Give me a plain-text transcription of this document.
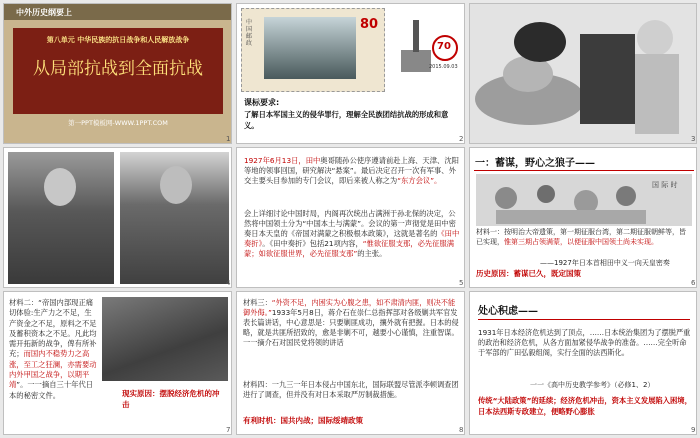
中外历史纲要上
第八单元 中华民族的抗日战争和人民解放战争
从局部抗战到全面抗战
第一PPT模板网-WWW.1PPT.COM
1
中国邮政
80
70
2015.09.03
课标要求:
了解日本军国主义的侵华罪行，理解全民族团结抗战的形成和意义。
2	3
4

1927年6月13日，田中奥哥随孙公使序遵请前赴上海、天津、沈阳等地的领事回国，研究解决“悬案”。最后决定召开一次有军事、外交主要头目参加的专门会议，即后来被人称之为“东方会议”。

会上详细讨论中国时局，内阁再次统出占满洲于孙北保的决定，公然将中国领土分为“中国本土与满蒙”。会议的第一声彻觉是田中密奏日本天皇的《帝国对满蒙之积极根本政策》，这就是著名的《田中奏折》。《田中奏折》包括21项内容，“惟欲征服支那，必先征服满蒙；如欲征服世界，必先征服支那”的主张。

5
一：蓄谋，野心之狼子——
国 际 时

材料一：按明治大帝遗策，第一期征服台湾，第二期征服朝鲜等，皆已实现，惟第三期占领满蒙，以便征服中国领土尚未实现。

——1927年日本首相田中义一向天皇密奏
历史原因：蓄谋已久，既定国策
6

材料二：“帝国内部现正痛切体验:生产力之不足，生产资金之不足，原料之不足及蓄积资本之不足。凡此均需开拓新的战争，俾有所补充；而国内不稳势力之高涨，至工之狂澜，亦需要动内外甲国之战争，以期平靖”。一一摘自三十年代日本的秘密文件。	现实原因：摆脱经济危机的冲击
7

材料三：“外资不足，内困实为心腹之患，如不肃清内匪，则决不能御外侮。”1933年5月8日，蒋介石在崇仁总指挥部对各级剿共军官发表长篇讲话，中心意思是：只要剿匪成功，攘外就有把握。日本的侵略，就是共匪所招致的，愈是非剿不可，越要小心谨慎，注重智谋。一一摘介石对国民党将领的讲话

材料四：一九三一年日本侵占中国东北，国际联盟尽管派李顿调查团进行了调查，但并没有对日本采取严厉制裁措施。

有利时机：国共内战；国际绥靖政策
8
处心积虑——

1931年日本经济危机达到了顶点，……日本统治集团为了摆脱严重的政治和经济危机，从各方面加紧侵华战争的准备。……完全听命于军部的广田弘毅组阁，实行全面的法西斯化。

一一《高中历史教学参考》（必修1、2）
传统“大陆政策”的延续；经济危机冲击，资本主义发展陷入困境，日本法西斯专政建立，便略野心膨胀
9
